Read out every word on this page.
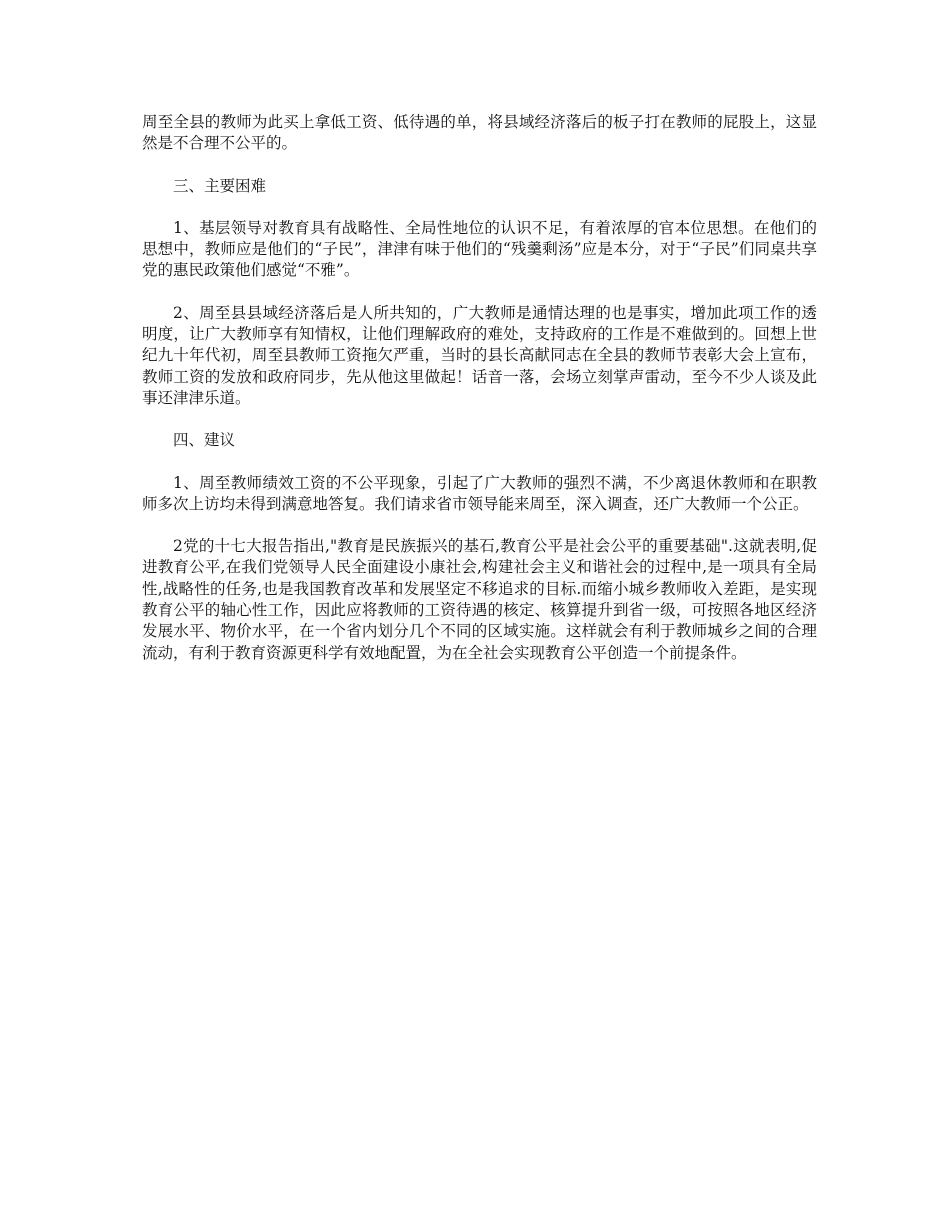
周至全县的教师为此买上拿低工资、低待遇的单，将县域经济落后的板子打在教师的屁股上，这显然是不合理不公平的。

三、主要困难

1、基层领导对教育具有战略性、全局性地位的认识不足，有着浓厚的官本位思想。在他们的思想中，教师应是他们的“子民”，津津有味于他们的“残羹剩汤”应是本分，对于“子民”们同桌共享党的惠民政策他们感觉“不雅”。

2、周至县县域经济落后是人所共知的，广大教师是通情达理的也是事实，增加此项工作的透明度，让广大教师享有知情权，让他们理解政府的难处，支持政府的工作是不难做到的。回想上世纪九十年代初，周至县教师工资拖欠严重，当时的县长高献同志在全县的教师节表彰大会上宣布，教师工资的发放和政府同步，先从他这里做起！话音一落，会场立刻掌声雷动，至今不少人谈及此事还津津乐道。

四、建议

1、周至教师绩效工资的不公平现象，引起了广大教师的强烈不满，不少离退休教师和在职教师多次上访均未得到满意地答复。我们请求省市领导能来周至，深入调查，还广大教师一个公正。

2党的十七大报告指出,"教育是民族振兴的基石,教育公平是社会公平的重要基础".这就表明,促进教育公平,在我们党领导人民全面建设小康社会,构建社会主义和谐社会的过程中,是一项具有全局性,战略性的任务,也是我国教育改革和发展坚定不移追求的目标.而缩小城乡教师收入差距，是实现教育公平的轴心性工作，因此应将教师的工资待遇的核定、核算提升到省一级，可按照各地区经济发展水平、物价水平，在一个省内划分几个不同的区域实施。这样就会有利于教师城乡之间的合理流动，有利于教育资源更科学有效地配置，为在全社会实现教育公平创造一个前提条件。
